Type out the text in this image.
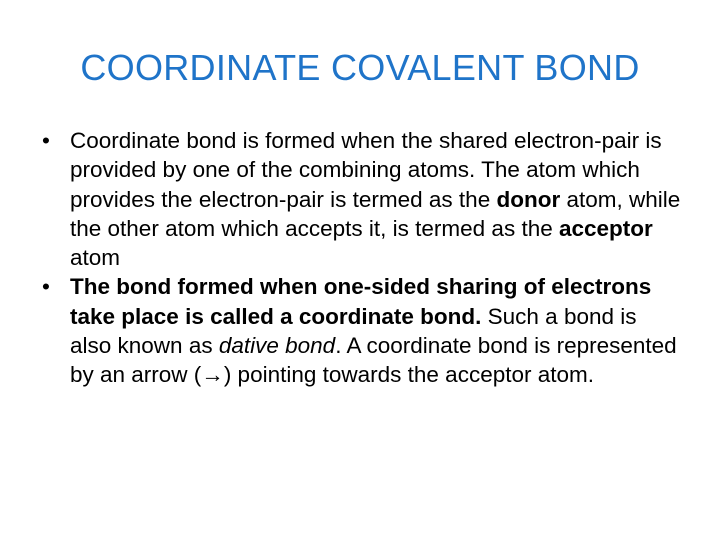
COORDINATE COVALENT BOND
• Coordinate bond is formed when the shared electron-pair is provided by one of the combining atoms. The atom which provides the electron-pair is termed as the donor atom, while the other atom which accepts it, is termed as the acceptor atom
• The bond formed when one-sided sharing of electrons take place is called a coordinate bond. Such a bond is also known as dative bond. A coordinate bond is represented by an arrow (→) pointing towards the acceptor atom.
